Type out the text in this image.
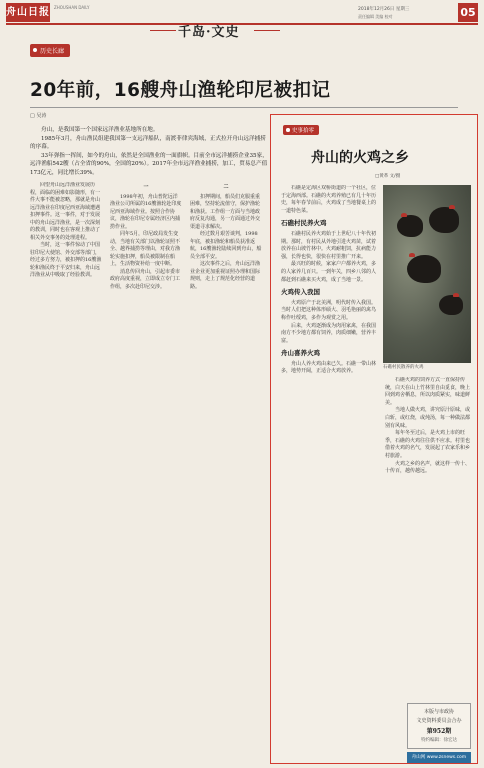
舟山日报 ZHOUSHAN DAILY	2018年12月26日 星期三
责任编辑 美编 校对	05
千岛·文史
历史长廊
20年前，16艘舟山渔轮印尼被扣记
□ 吴涛

舟山，是我国第一个国家远洋渔业基地所在地。

1985年3月，舟山渔民组建我国第一支远洋船队，南渡菲律宾海域，正式拉开舟山远洋捕捞的序幕。

33年弹指一挥间，如今的舟山，依然是全国渔业的一面旗帜。目前全市远洋捕捞企业35家，远洋渔船542艘（占全省的90%，全国的20%）。2017年全市远洋渔业捕捞，加工，贸易总产值173亿元，同比增长39%。

回望舟山远洋渔业发展历程，面临的困难如影随形，有一件大事不能被忽略，那就是舟山远洋渔业在印度尼西亚海域遭遇扣押事件。这一事件，对于发展中的舟山远洋渔业，是一次深刻的教训，同时也在客观上推动了相关外交事务的处理进程。

当时，这一事件惊动了中国驻印尼大使馆、外交部等部门，经过多方努力，被扣押的16艘渔轮和渔民终于平安归来，舟山远洋渔业从中吸取了经验教训。

一

1998年初，舟山普陀远洋渔业公司所属的16艘渔轮赴印度尼西亚海域作业。按照合作协议，渔轮在印尼专属经济区内捕捞作业。

同年5月，印尼政局发生变动，当地有关部门以渔轮证照不全、越界捕捞等理由，对我方渔轮实施扣押，船员被限制在船上，生活物资补给一度中断。

消息传回舟山，引起市委市政府高度重视，立即成立专门工作组，多次赴印尼交涉。

二

扣押期间，船员们克服重重困难，坚持轮流值守，保护渔轮和渔获。工作组一方面与当地政府反复沟通，另一方面通过外交渠道寻求解决。

经过数月艰苦谈判，1998年底，被扣渔轮和船员获准返航，16艘渔轮陆续回到舟山，船员全部平安。

这次事件之后，舟山远洋渔业企业更加重视证照办理和国际规则，走上了规范化经营的道路。

史事拾零
舟山的火鸡之乡
□黄革 文/摄

石礁是定海区双桥街道的一个社区，位于定海西部。石礁的火鸡养殖已有几十年历史，每年春节前后，火鸡成了当地餐桌上的一道特色菜。

石礁村民养火鸡

石礁村民养火鸡始于上世纪八十年代初期。那时，有村民从外地引进火鸡苗，试着放养在山坡竹林中。火鸡耐粗饲，抗病能力强，长得也快，很快在村里推广开来。

最兴旺的时候，家家户户都养火鸡，多的人家养几百只。一到年关，四乡八邻的人都赶到石礁来买火鸡，成了当地一景。

火鸡传入我国

火鸡原产于北美洲，明代时传入我国。当时人们把这种体形硕大、羽毛艳丽的禽鸟称作吐绶鸡，多作为观赏之用。

后来，火鸡逐渐成为肉用家禽，在我国南方不少地方都有饲养，肉质细嫩，营养丰富。

舟山喜养火鸡

舟山人养火鸡由来已久。石礁一带山林多，地势开阔，正适合火鸡放养。

石礁村民散养的火鸡

石礁火鸡的饲养方式一直保持传统，白天在山上竹林里自由觅食，晚上回到鸡舍栖息，所以肉质紧实，味道鲜美。

当地人做火鸡，讲究原汁原味，或白斩，或红烧，或炖汤，每一种做法都别有风味。

每年冬至过后，是火鸡上市的旺季，石礁的火鸡往往供不应求。村里也借着火鸡的名气，发展起了农家乐和乡村旅游。

火鸡之乡的名声，就这样一传十、十传百，越传越远。

本版与市政协
文史资料委员会合办
第952期
特约编辑：徐宏达
舟山网 www.zsnews.com
